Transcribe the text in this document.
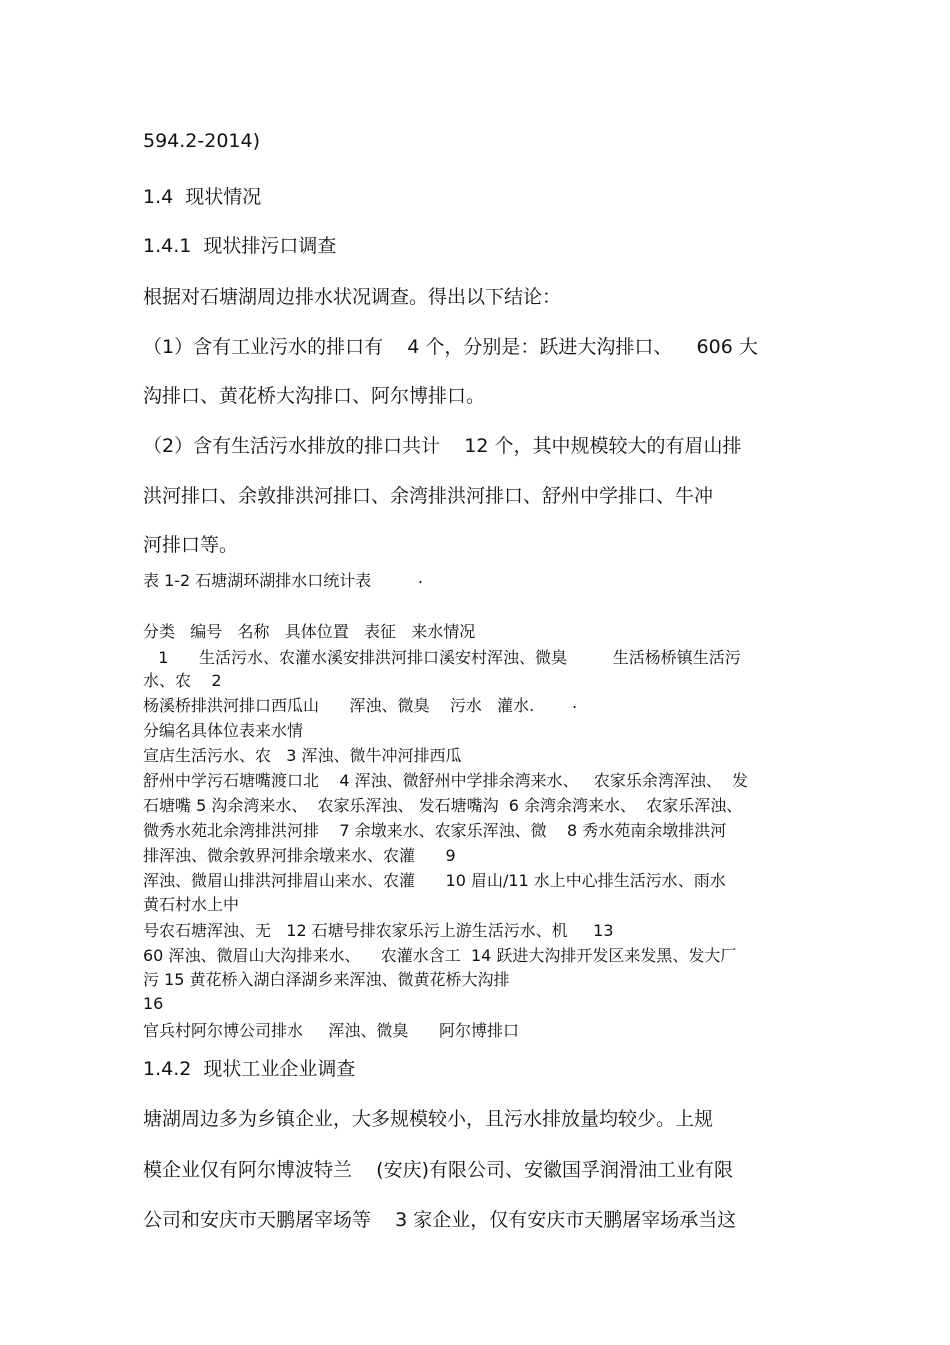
594.2-2014)
1.4  现状情况
1.4.1  现状排污口调查
根据对石塘湖周边排水状况调查。得出以下结论：
（1）含有工业污水的排口有    4 个，分别是：跃进大沟排口、    606 大
沟排口、黄花桥大沟排口、阿尔博排口。
（2）含有生活污水排放的排口共计    12 个，其中规模较大的有眉山排
洪河排口、余敦排洪河排口、余湾排洪河排口、舒州中学排口、牛冲
河排口等。
表 1-2 石塘湖环湖排水口统计表	.
分类   编号   名称   具体位置   表征   来水情况
1      生活污水、农灌水溪安排洪河排口溪安村浑浊、微臭         生活杨桥镇生活污
水、农    2
杨溪桥排洪河排口西瓜山      浑浊、微臭    污水   灌水. .
分编名具体位表来水情
宣店生活污水、农   3 浑浊、微牛冲河排西瓜
舒州中学污石塘嘴渡口北    4 浑浊、微舒州中学排余湾来水、   农家乐余湾浑浊、  发
石塘嘴 5 沟余湾来水、  农家乐浑浊、 发石塘嘴沟  6 余湾余湾来水、  农家乐浑浊、
微秀水苑北余湾排洪河排    7 余墩来水、农家乐浑浊、微    8 秀水苑南余墩排洪河
排浑浊、微余敦界河排余墩来水、农灌      9
浑浊、微眉山排洪河排眉山来水、农灌      10 眉山/11 水上中心排生活污水、雨水
黄石村水上中
号农石塘浑浊、无   12 石塘号排农家乐污上游生活污水、机     13
60 浑浊、微眉山大沟排来水、    农灌水含工  14 跃进大沟排开发区来发黑、发大厂
污 15 黄花桥入湖白泽湖乡来浑浊、微黄花桥大沟排
16
官兵村阿尔博公司排水     浑浊、微臭      阿尔博排口
1.4.2  现状工业企业调查
塘湖周边多为乡镇企业，大多规模较小，且污水排放量均较少。上规
模企业仅有阿尔博波特兰    (安庆)有限公司、安徽国孚润滑油工业有限
公司和安庆市天鹏屠宰场等    3 家企业，仅有安庆市天鹏屠宰场承当这
